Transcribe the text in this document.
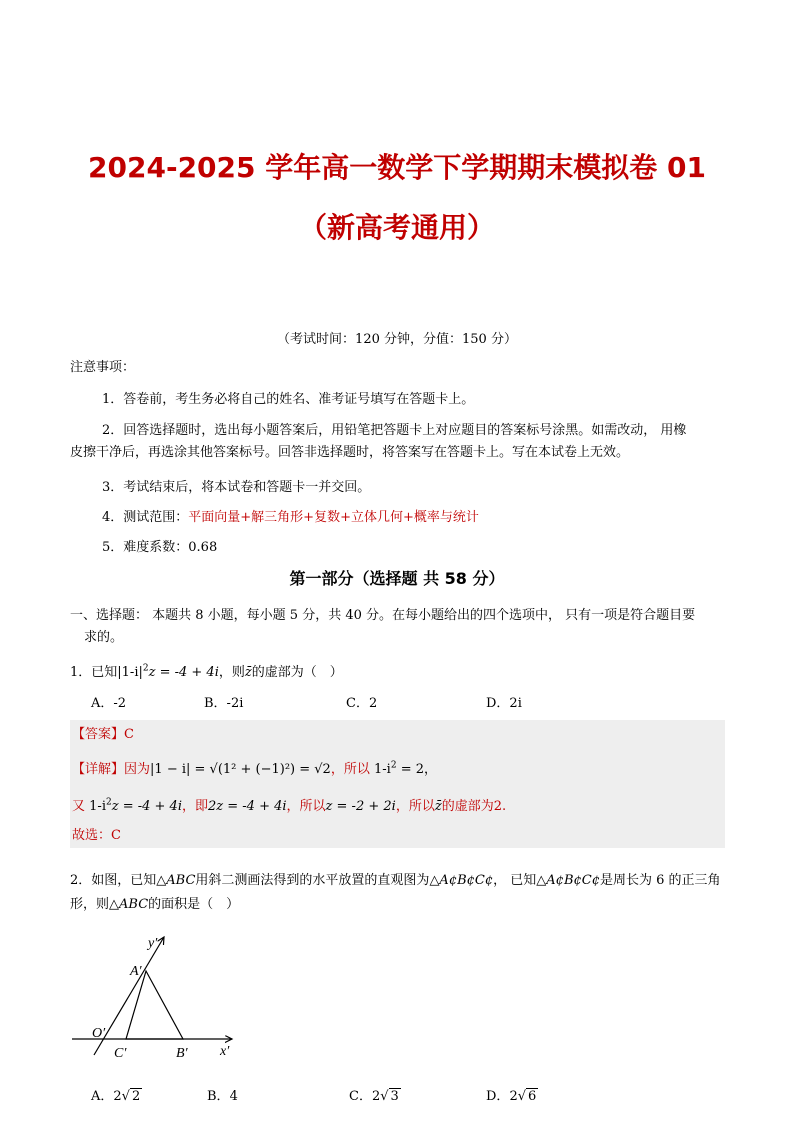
2024-2025 学年高一数学下学期期末模拟卷 01
（新高考通用）
（考试时间：120 分钟，分值：150 分）
注意事项：
1．答卷前，考生务必将自己的姓名、准考证号填写在答题卡上。
2．回答选择题时，选出每小题答案后，用铅笔把答题卡上对应题目的答案标号涂黑。如需改动， 用橡
皮擦干净后，再选涂其他答案标号。回答非选择题时，将答案写在答题卡上。写在本试卷上无效。
3．考试结束后，将本试卷和答题卡一并交回。
4．测试范围：平面向量+解三角形+复数+立体几何+概率与统计
5．难度系数：0.68
第一部分（选择题 共 58 分）
一、选择题： 本题共 8 小题，每小题 5 分，共 40 分。在每小题给出的四个选项中， 只有一项是符合题目要
求的。
1．已知$|1-i|^2z = -4 + 4i$，则z̄的虚部为（　）
A．-2	B．-2i	C．2	D．2i
【答案】C
【详解】因为|1 − i| = √(1² + (−1)²) = √2，所以 $1-i^2 = 2$，
又 $1-i^2z = -4 + 4i$，即2z = -4 + 4i，所以z = -2 + 2i，所以z̄的虚部为2.
故选：C
2．如图，已知△ABC用斜二测画法得到的水平放置的直观图为△A¢B¢C¢， 已知△A¢B¢C¢是周长为 6 的正三角
形，则△ABC的面积是（　）
y′
A′
O′
C′	B′ x′
A．2√ 2	B．4	C．2√ 3	D．2√ 6
